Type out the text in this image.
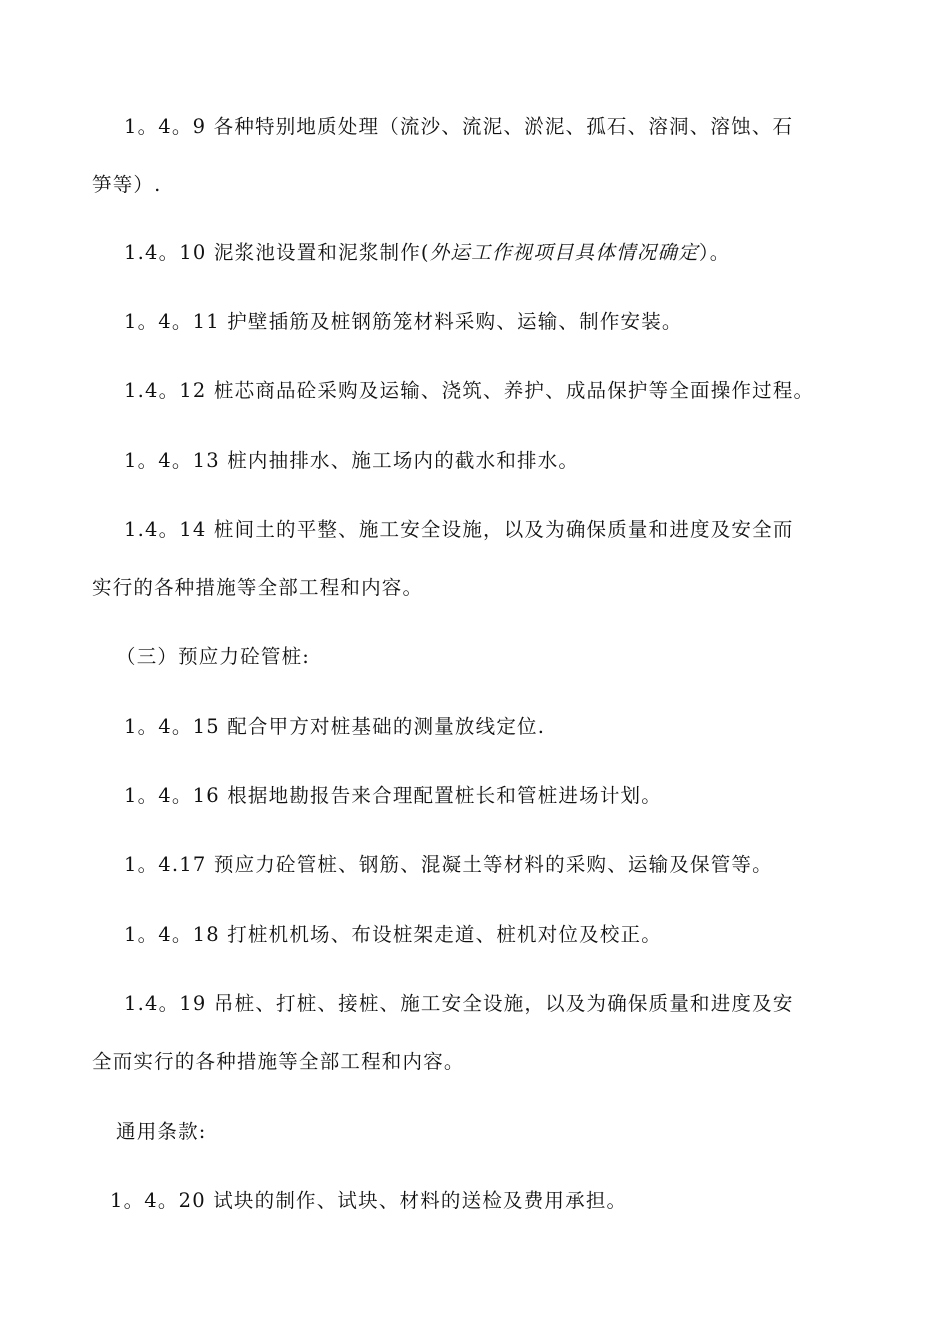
1。4。9 各种特别地质处理（流沙、流泥、淤泥、孤石、溶洞、溶蚀、石
笋等）.

1.4。10 泥浆池设置和泥浆制作(外运工作视项目具体情况确定）。

1。4。11 护壁插筋及桩钢筋笼材料采购、运输、制作安装。

1.4。12 桩芯商品砼采购及运输、浇筑、养护、成品保护等全面操作过程。

1。4。13 桩内抽排水、施工场内的截水和排水。

1.4。14 桩间土的平整、施工安全设施，以及为确保质量和进度及安全而
实行的各种措施等全部工程和内容。

（三）预应力砼管桩:

1。4。15 配合甲方对桩基础的测量放线定位.

1。4。16 根据地勘报告来合理配置桩长和管桩进场计划。

1。4.17 预应力砼管桩、钢筋、混凝土等材料的采购、运输及保管等。

1。4。18 打桩机机场、布设桩架走道、桩机对位及校正。

1.4。19 吊桩、打桩、接桩、施工安全设施，以及为确保质量和进度及安
全而实行的各种措施等全部工程和内容。

通用条款:

1。4。20 试块的制作、试块、材料的送检及费用承担。
